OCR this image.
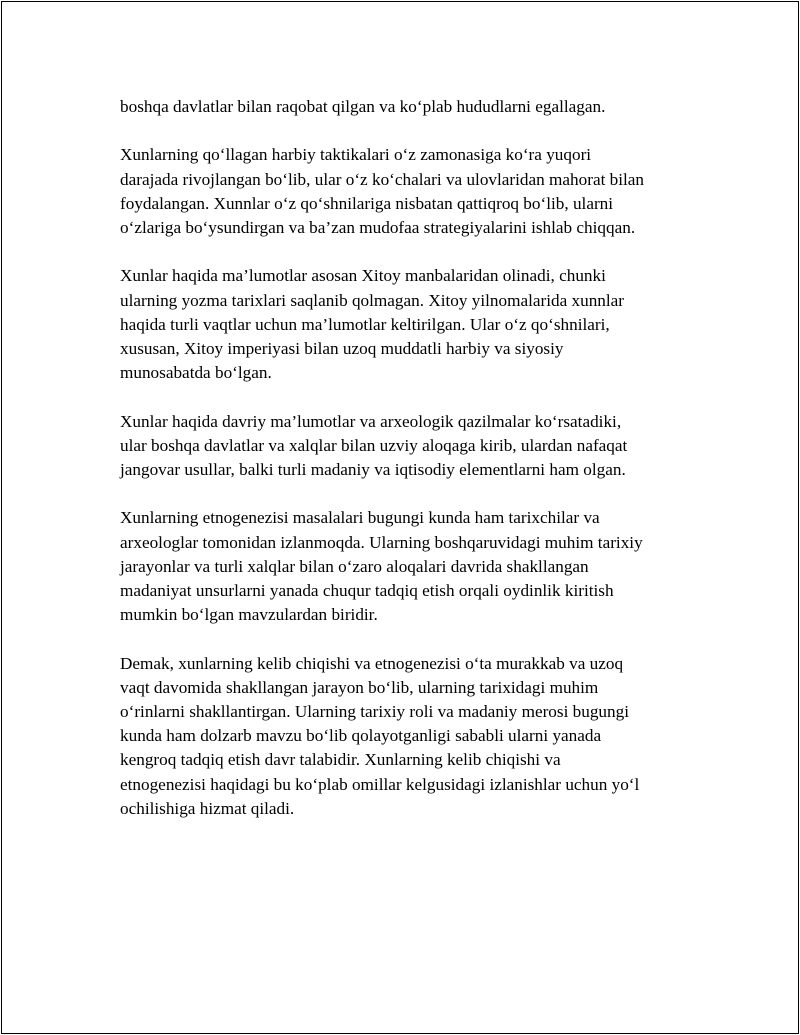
boshqa davlatlar bilan raqobat qilgan va ko‘plab hududlarni egallagan.

Xunlarning qo‘llagan harbiy taktikalari o‘z zamonasiga ko‘ra yuqori
darajada rivojlangan bo‘lib, ular o‘z ko‘chalari va ulovlaridan mahorat bilan
foydalangan. Xunnlar o‘z qo‘shnilariga nisbatan qattiqroq bo‘lib, ularni
o‘zlariga bo‘ysundirgan va ba’zan mudofaa strategiyalarini ishlab chiqqan.

Xunlar haqida ma’lumotlar asosan Xitoy manbalaridan olinadi, chunki
ularning yozma tarixlari saqlanib qolmagan. Xitoy yilnomalarida xunnlar
haqida turli vaqtlar uchun ma’lumotlar keltirilgan. Ular o‘z qo‘shnilari,
xususan, Xitoy imperiyasi bilan uzoq muddatli harbiy va siyosiy
munosabatda bo‘lgan.

Xunlar haqida davriy ma’lumotlar va arxeologik qazilmalar ko‘rsatadiki,
ular boshqa davlatlar va xalqlar bilan uzviy aloqaga kirib, ulardan nafaqat
jangovar usullar, balki turli madaniy va iqtisodiy elementlarni ham olgan.

Xunlarning etnogenezisi masalalari bugungi kunda ham tarixchilar va
arxeologlar tomonidan izlanmoqda. Ularning boshqaruvidagi muhim tarixiy
jarayonlar va turli xalqlar bilan o‘zaro aloqalari davrida shakllangan
madaniyat unsurlarni yanada chuqur tadqiq etish orqali oydinlik kiritish
mumkin bo‘lgan mavzulardan biridir.

Demak, xunlarning kelib chiqishi va etnogenezisi o‘ta murakkab va uzoq
vaqt davomida shakllangan jarayon bo‘lib, ularning tarixidagi muhim
o‘rinlarni shakllantirgan. Ularning tarixiy roli va madaniy merosi bugungi
kunda ham dolzarb mavzu bo‘lib qolayotganligi sababli ularni yanada
kengroq tadqiq etish davr talabidir. Xunlarning kelib chiqishi va
etnogenezisi haqidagi bu ko‘plab omillar kelgusidagi izlanishlar uchun yo‘l
ochilishiga hizmat qiladi.
